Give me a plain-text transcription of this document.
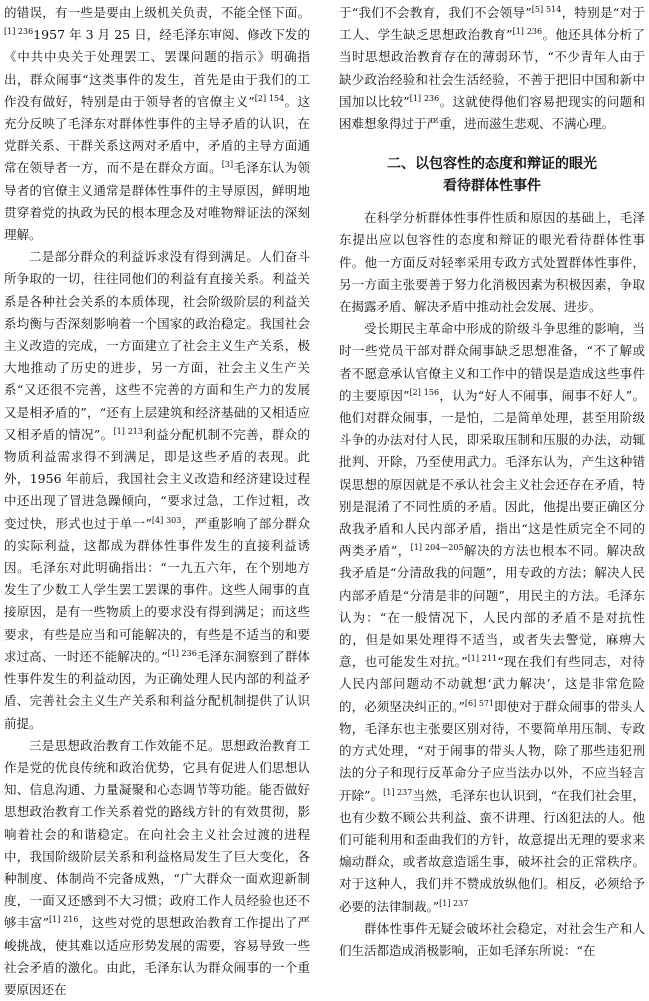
的错误，有一些是要由上级机关负责，不能全怪下面。$^{[1] 236}$1957 年 3 月 25 日，经毛泽东审阅、修改下发的《中共中央关于处理罢工、罢课问题的指示》明确指出，群众闹事“这类事件的发生，首先是由于我们的工作没有做好，特别是由于领导者的官僚主义”$^{[2] 154}$。这充分反映了毛泽东对群体性事件的主导矛盾的认识，在党群关系、干群关系这两对矛盾中，矛盾的主导方面通常在领导者一方，而不是在群众方面。[3]毛泽东认为领导者的官僚主义通常是群体性事件的主导原因，鲜明地贯穿着党的执政为民的根本理念及对唯物辩证法的深刻理解。

二是部分群众的利益诉求没有得到满足。人们奋斗所争取的一切，往往同他们的利益有直接关系。利益关系是各种社会关系的本质体现，社会阶级阶层的利益关系均衡与否深刻影响着一个国家的政治稳定。我国社会主义改造的完成，一方面建立了社会主义生产关系，极大地推动了历史的进步，另一方面，社会主义生产关系“又还很不完善，这些不完善的方面和生产力的发展又是相矛盾的”，“还有上层建筑和经济基础的又相适应又相矛盾的情况”。$^{[1] 213}$利益分配机制不完善，群众的物质利益需求得不到满足，即是这些矛盾的表现。此外，1956 年前后，我国社会主义改造和经济建设过程中还出现了冒进急躁倾向，“要求过急，工作过粗，改变过快，形式也过于单一”$^{[4] 303}$，严重影响了部分群众的实际利益，这都成为群体性事件发生的直接利益诱因。毛泽东对此明确指出：“一九五六年，在个别地方发生了少数工人学生罢工罢课的事件。这些人闹事的直接原因，是有一些物质上的要求没有得到满足；而这些要求，有些是应当和可能解决的，有些是不适当的和要求过高、一时还不能解决的。”$^{[1] 236}$毛泽东洞察到了群体性事件发生的利益动因，为正确处理人民内部的利益矛盾、完善社会主义生产关系和利益分配机制提供了认识前提。

三是思想政治教育工作效能不足。思想政治教育工作是党的优良传统和政治优势，它具有促进人们思想认知、信息沟通、力量凝聚和心态调节等功能。能否做好思想政治教育工作关系着党的路线方针的有效贯彻，影响着社会的和谐稳定。在向社会主义社会过渡的进程中，我国阶级阶层关系和利益格局发生了巨大变化，各种制度、体制尚不完备成熟，“广大群众一面欢迎新制度，一面又还感到不大习惯；政府工作人员经验也还不够丰富”$^{[1] 216}$，这些对党的思想政治教育工作提出了严峻挑战，使其难以适应形势发展的需要，容易导致一些社会矛盾的激化。由此，毛泽东认为群众闹事的一个重要原因还在

于“我们不会教育，我们不会领导”$^{[5] 514}$，特别是“对于工人、学生缺乏思想政治教育”$^{[1] 236}$。他还具体分析了当时思想政治教育存在的薄弱环节，“不少青年人由于缺少政治经验和社会生活经验，不善于把旧中国和新中国加以比较”$^{[1] 236}$。这就使得他们容易把现实的问题和困难想象得过于严重，进而滋生悲观、不满心理。

二、以包容性的态度和辩证的眼光
看待群体性事件

在科学分析群体性事件性质和原因的基础上，毛泽东提出应以包容性的态度和辩证的眼光看待群体性事件。他一方面反对轻率采用专政方式处置群体性事件，另一方面主张要善于努力化消极因素为积极因素，争取在揭露矛盾、解决矛盾中推动社会发展、进步。

受长期民主革命中形成的阶级斗争思维的影响，当时一些党员干部对群众闹事缺乏思想准备，“不了解或者不愿意承认官僚主义和工作中的错误是造成这些事件的主要原因”$^{[2] 156}$，认为“好人不闹事，闹事不好人”。他们对群众闹事，一是怕，二是简单处理，甚至用阶级斗争的办法对付人民，即采取压制和压服的办法，动辄批判、开除，乃至使用武力。毛泽东认为，产生这种错误思想的原因就是不承认社会主义社会还存在矛盾，特别是混淆了不同性质的矛盾。因此，他提出要正确区分敌我矛盾和人民内部矛盾，指出“这是性质完全不同的两类矛盾”，$^{[1] 204—205}$解决的方法也根本不同。解决敌我矛盾是“分清敌我的问题”，用专政的方法；解决人民内部矛盾是“分清是非的问题”，用民主的方法。毛泽东认为：“在一般情况下，人民内部的矛盾不是对抗性的，但是如果处理得不适当，或者失去警觉，麻痹大意，也可能发生对抗。”$^{[1] 211}$“现在我们有些同志，对待人民内部问题动不动就想‘武力解决’，这是非常危险的，必须坚决纠正的。”$^{[6] 571}$即使对于群众闹事的带头人物，毛泽东也主张要区别对待，不要简单用压制、专政的方式处理，“对于闹事的带头人物，除了那些违犯刑法的分子和现行反革命分子应当法办以外，不应当轻言开除”。$^{[1] 237}$当然，毛泽东也认识到，“在我们社会里，也有少数不顾公共利益、蛮不讲理、行凶犯法的人。他们可能利用和歪曲我们的方针，故意提出无理的要求来煽动群众，或者故意造谣生事，破坏社会的正常秩序。对于这种人，我们并不赞成放纵他们。相反，必须给予必要的法律制裁。”$^{[1] 237}$

群体性事件无疑会破坏社会稳定，对社会生产和人们生活都造成消极影响，正如毛泽东所说：“在
